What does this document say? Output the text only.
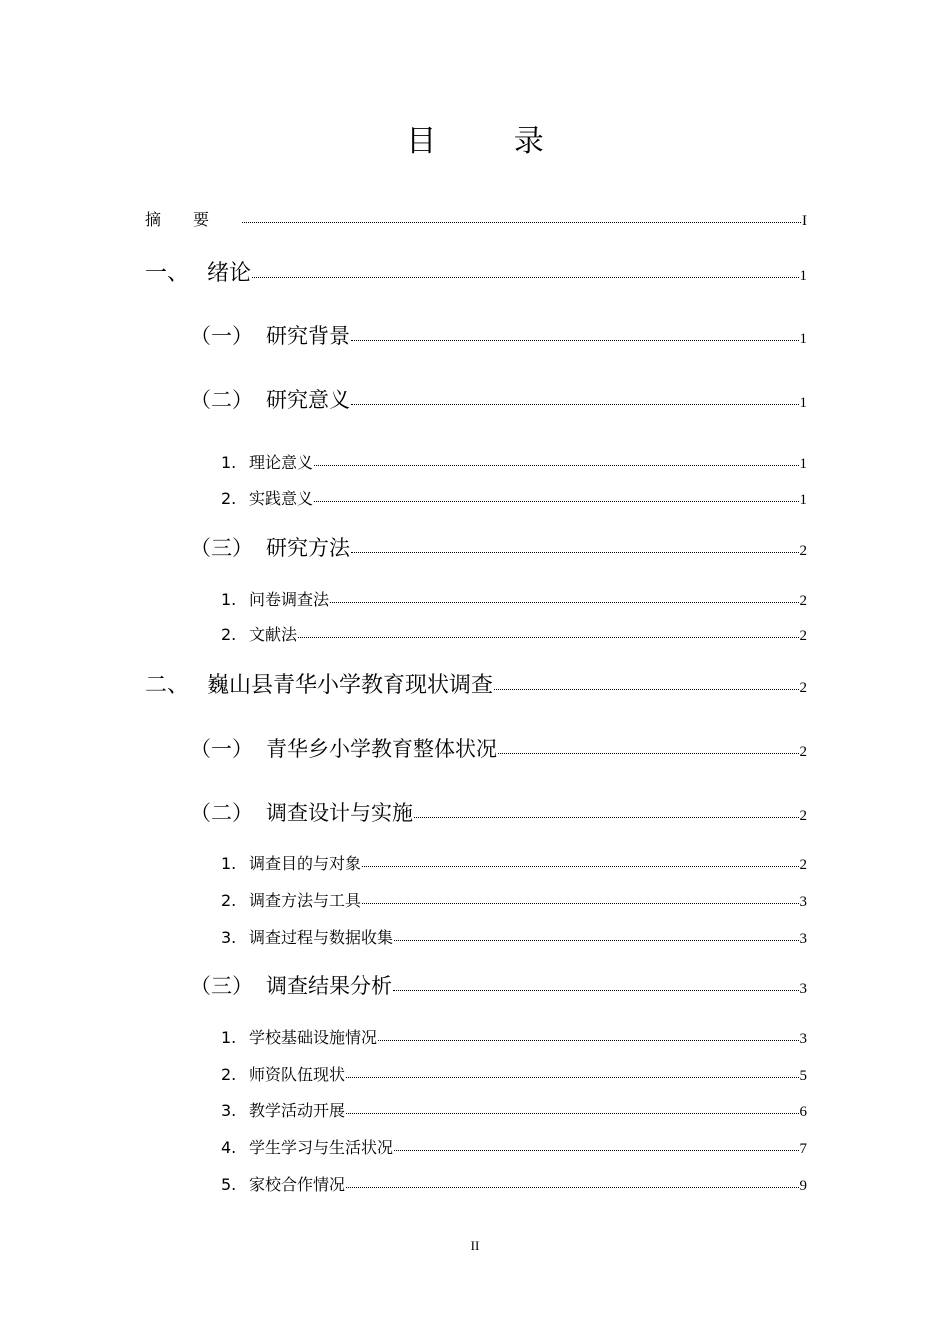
目 录
摘要	I
一、 绪论	1
（一） 研究背景	1
（二） 研究意义	1
1. 理论意义	1
2. 实践意义	1
（三） 研究方法	2
1. 问卷调查法	2
2. 文献法	2
二、 巍山县青华小学教育现状调查	2
（一） 青华乡小学教育整体状况	2
（二） 调查设计与实施	2
1. 调查目的与对象	2
2. 调查方法与工具	3
3. 调查过程与数据收集	3
（三） 调查结果分析	3
1. 学校基础设施情况	3
2. 师资队伍现状	5
3. 教学活动开展	6
4. 学生学习与生活状况	7
5. 家校合作情况	9
II
